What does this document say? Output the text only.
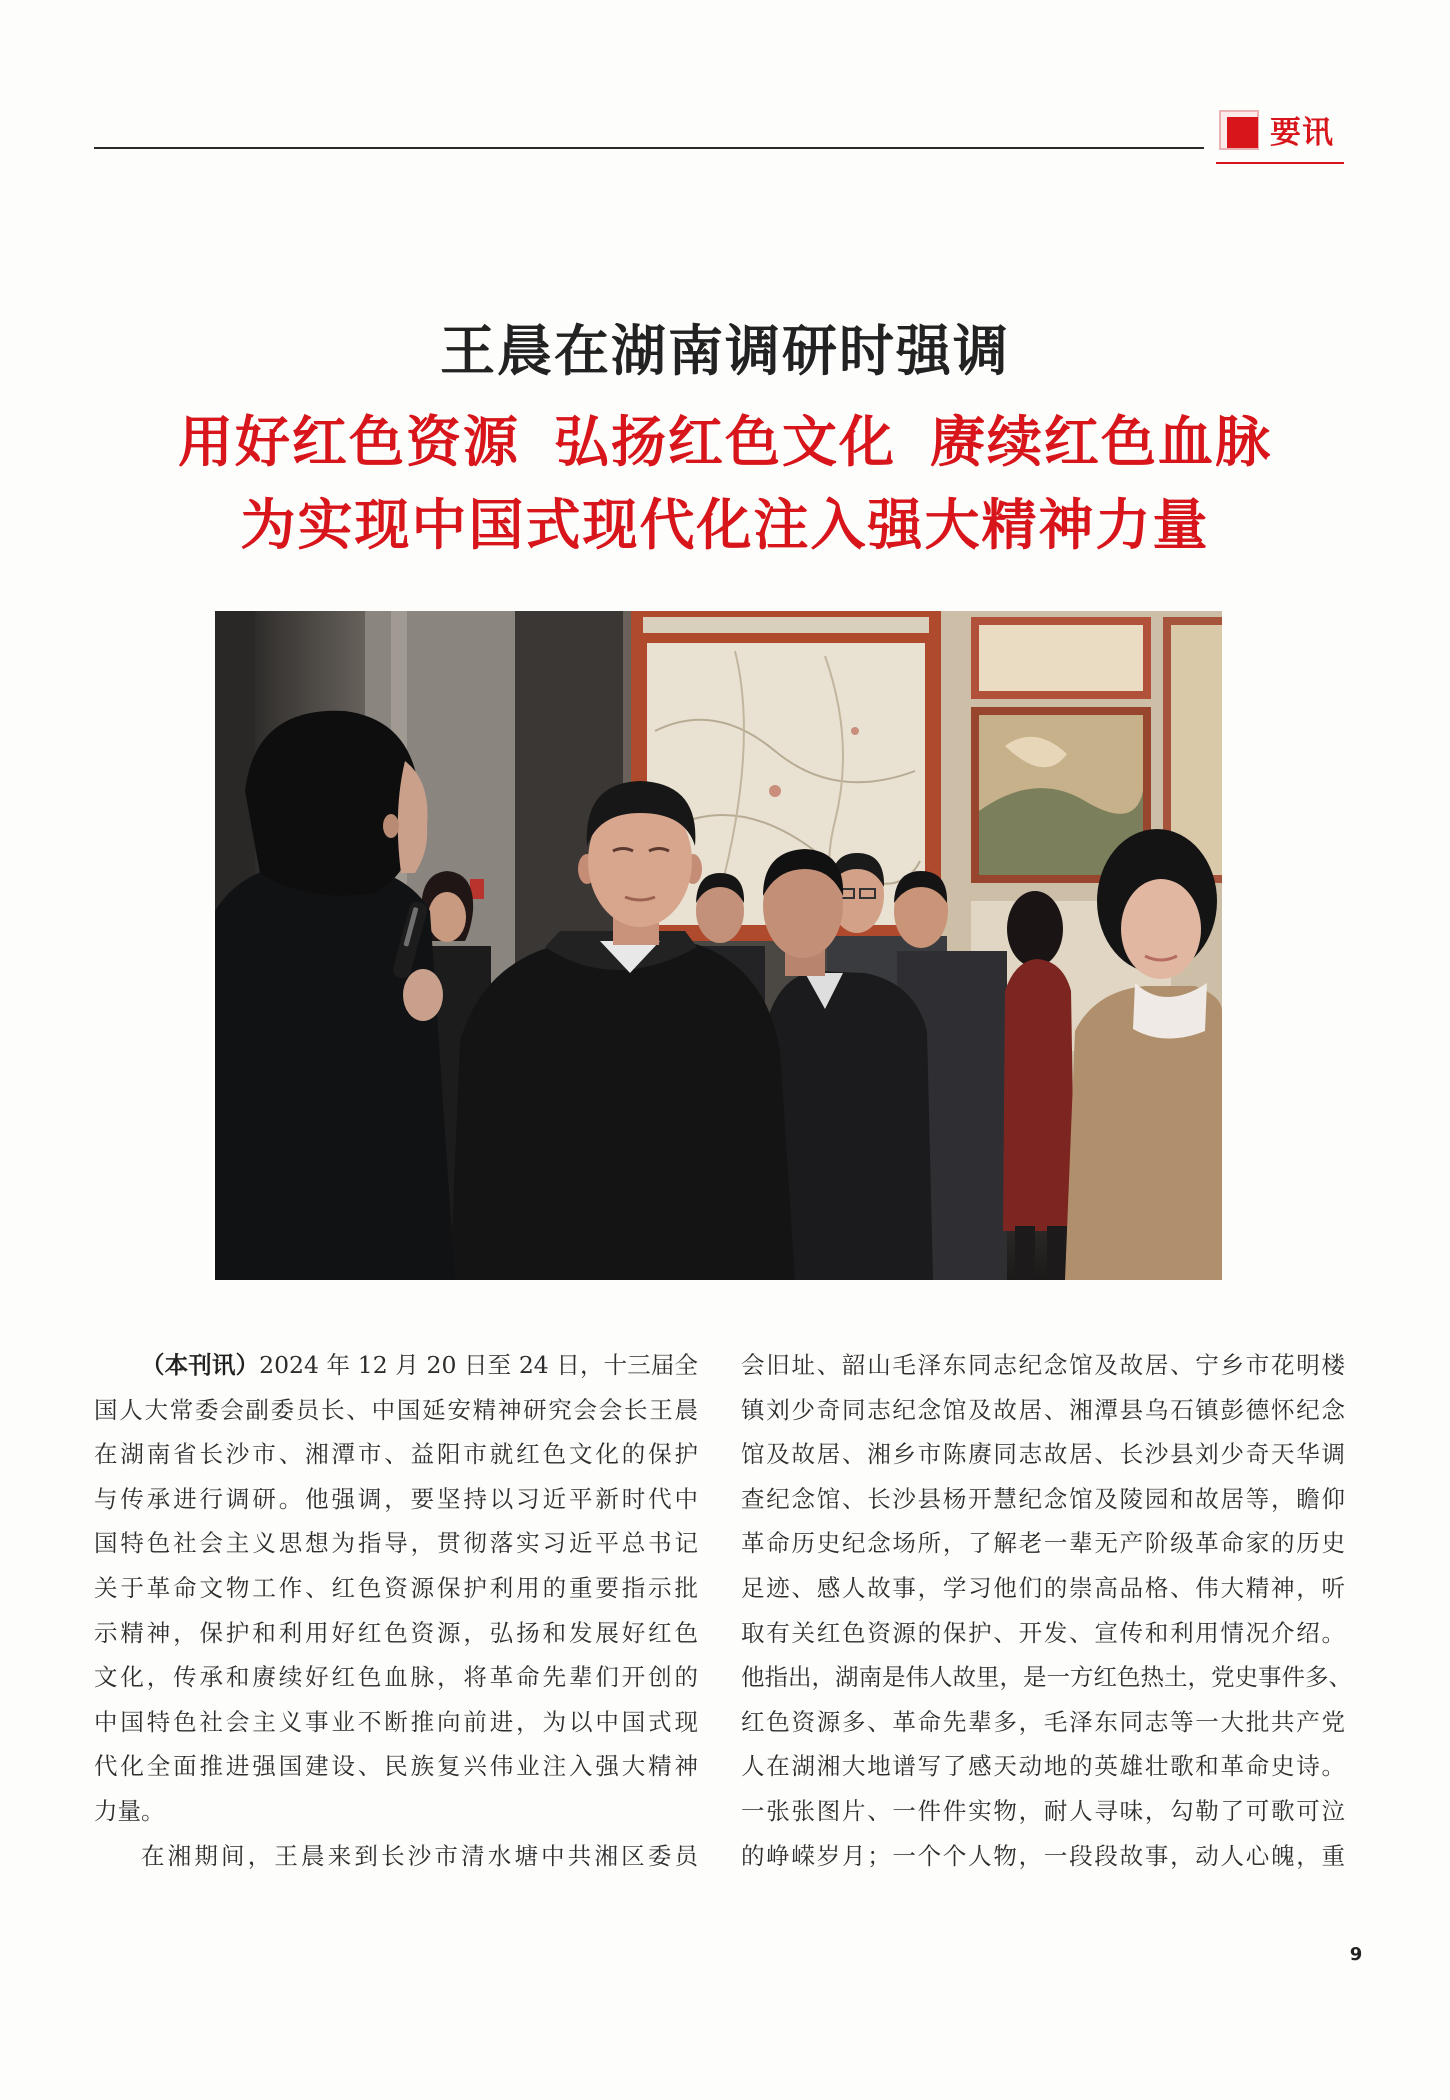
要讯
王晨在湖南调研时强调
用好红色资源 弘扬红色文化 赓续红色血脉
为实现中国式现代化注入强大精神力量
（本刊讯）2024 年 12 月 20 日至 24 日，十三届全
国人大常委会副委员长、中国延安精神研究会会长王晨
在湖南省长沙市、湘潭市、益阳市就红色文化的保护
与传承进行调研。他强调，要坚持以习近平新时代中
国特色社会主义思想为指导，贯彻落实习近平总书记
关于革命文物工作、红色资源保护利用的重要指示批
示精神，保护和利用好红色资源，弘扬和发展好红色
文化，传承和赓续好红色血脉，将革命先辈们开创的
中国特色社会主义事业不断推向前进，为以中国式现
代化全面推进强国建设、民族复兴伟业注入强大精神
力量。
在湘期间，王晨来到长沙市清水塘中共湘区委员
会旧址、韶山毛泽东同志纪念馆及故居、宁乡市花明楼
镇刘少奇同志纪念馆及故居、湘潭县乌石镇彭德怀纪念
馆及故居、湘乡市陈赓同志故居、长沙县刘少奇天华调
查纪念馆、长沙县杨开慧纪念馆及陵园和故居等，瞻仰
革命历史纪念场所，了解老一辈无产阶级革命家的历史
足迹、感人故事，学习他们的崇高品格、伟大精神，听
取有关红色资源的保护、开发、宣传和利用情况介绍。
他指出，湖南是伟人故里，是一方红色热土，党史事件多、
红色资源多、革命先辈多，毛泽东同志等一大批共产党
人在湖湘大地谱写了感天动地的英雄壮歌和革命史诗。
一张张图片、一件件实物，耐人寻味，勾勒了可歌可泣
的峥嵘岁月；一个个人物，一段段故事，动人心魄，重
9
